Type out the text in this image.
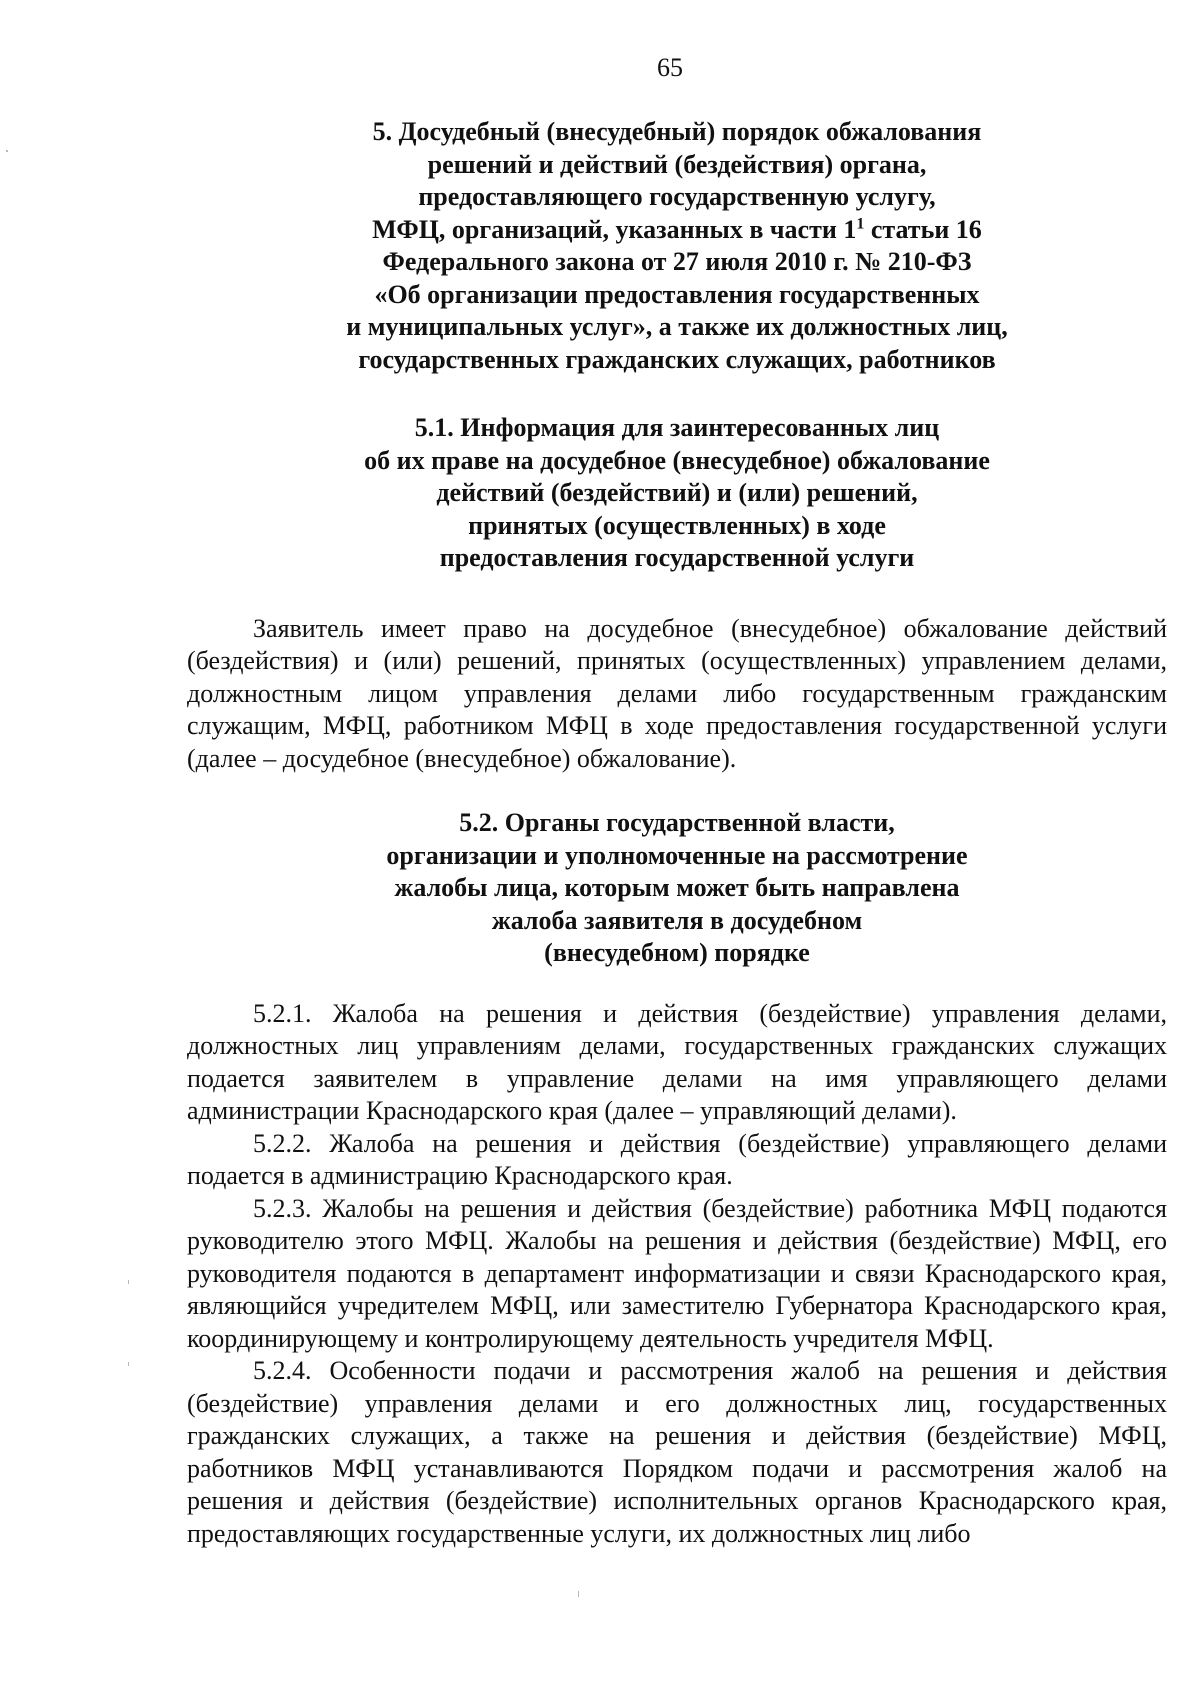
65
5. Досудебный (внесудебный) порядок обжалования
решений и действий (бездействия) органа,
предоставляющего государственную услугу,
МФЦ, организаций, указанных в части $1^1$ статьи 16
Федерального закона от 27 июля 2010 г. № 210-ФЗ
«Об организации предоставления государственных
и муниципальных услуг», а также их должностных лиц,
государственных гражданских служащих, работников
5.1. Информация для заинтересованных лиц
об их праве на досудебное (внесудебное) обжалование
действий (бездействий) и (или) решений,
принятых (осуществленных) в ходе
предоставления государственной услуги

Заявитель имеет право на досудебное (внесудебное) обжалование действий (бездействия) и (или) решений, принятых (осуществленных) управлением делами, должностным лицом управления делами либо государственным гражданским служащим, МФЦ, работником МФЦ в ходе предоставления государственной услуги (далее – досудебное (внесудебное) обжалование).

5.2. Органы государственной власти,
организации и уполномоченные на рассмотрение
жалобы лица, которым может быть направлена
жалоба заявителя в досудебном
(внесудебном) порядке

5.2.1. Жалоба на решения и действия (бездействие) управления делами, должностных лиц управлениям делами, государственных гражданских служащих подается заявителем в управление делами на имя управляющего делами администрации Краснодарского края (далее – управляющий делами).

5.2.2. Жалоба на решения и действия (бездействие) управляющего делами подается в администрацию Краснодарского края.

5.2.3. Жалобы на решения и действия (бездействие) работника МФЦ подаются руководителю этого МФЦ. Жалобы на решения и действия (бездействие) МФЦ, его руководителя подаются в департамент информатизации и связи Краснодарского края, являющийся учредителем МФЦ, или заместителю Губернатора Краснодарского края, координирующему и контролирующему деятельность учредителя МФЦ.

5.2.4. Особенности подачи и рассмотрения жалоб на решения и действия (бездействие) управления делами и его должностных лиц, государственных гражданских служащих, а также на решения и действия (бездействие) МФЦ, работников МФЦ устанавливаются Порядком подачи и рассмотрения жалоб на решения и действия (бездействие) исполнительных органов Краснодарского края, предоставляющих государственные услуги, их должностных лиц либо
